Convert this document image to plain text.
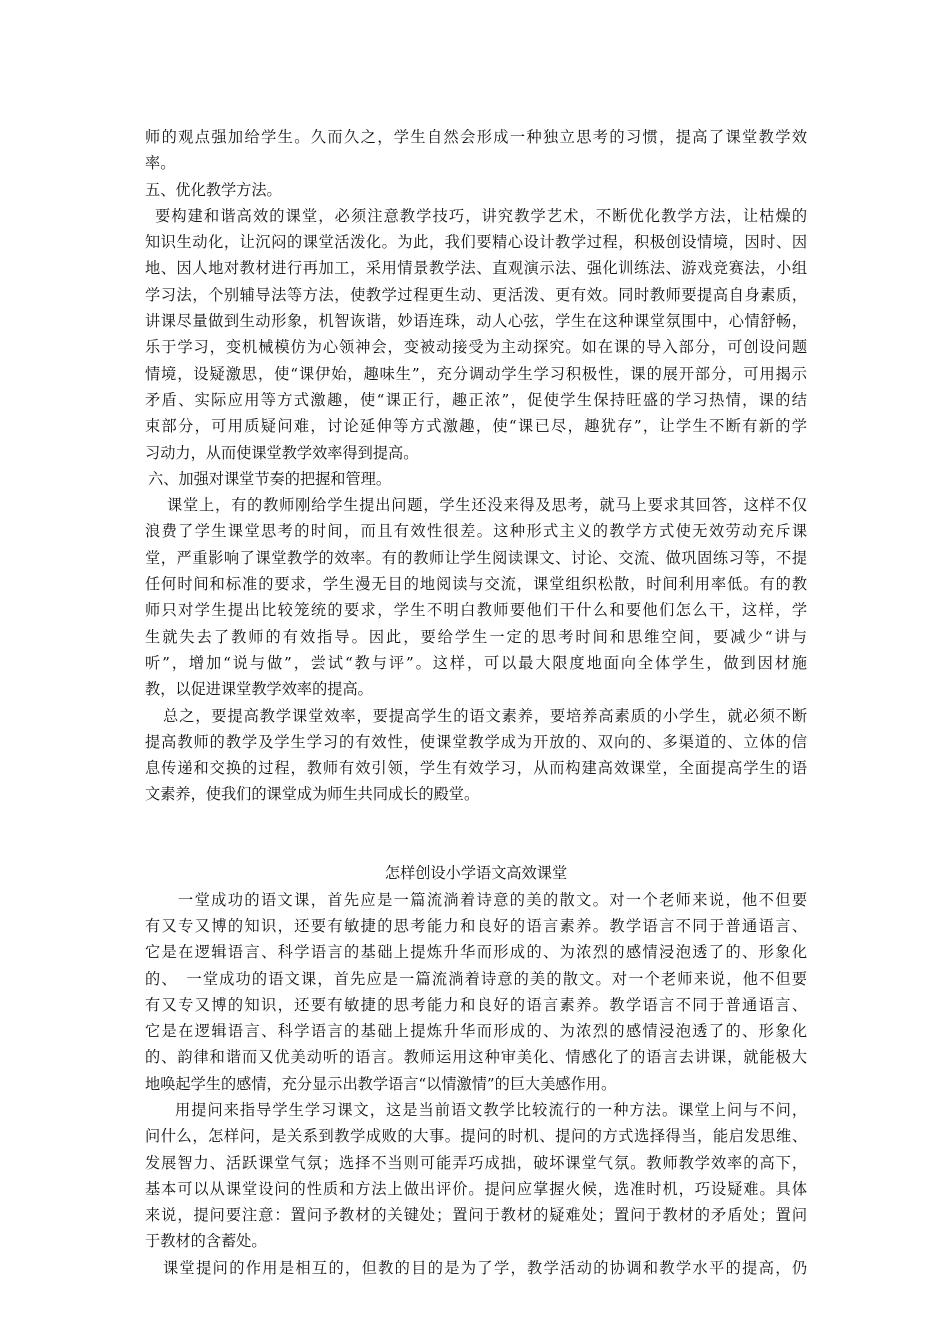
师的观点强加给学生。久而久之，学生自然会形成一种独立思考的习惯，提高了课堂教学效
率。
五、优化教学方法。
要构建和谐高效的课堂，必须注意教学技巧，讲究教学艺术，不断优化教学方法，让枯燥的
知识生动化，让沉闷的课堂活泼化。为此，我们要精心设计教学过程，积极创设情境，因时、因
地、因人地对教材进行再加工，采用情景教学法、直观演示法、强化训练法、游戏竞赛法，小组
学习法，个别辅导法等方法，使教学过程更生动、更活泼、更有效。同时教师要提高自身素质，
讲课尽量做到生动形象，机智诙谐，妙语连珠，动人心弦，学生在这种课堂氛围中，心情舒畅，
乐于学习，变机械模仿为心领神会，变被动接受为主动探究。如在课的导入部分，可创设问题
情境，设疑激思，使“课伊始，趣味生”，充分调动学生学习积极性，课的展开部分，可用揭示
矛盾、实际应用等方式激趣，使“课正行，趣正浓”，促使学生保持旺盛的学习热情，课的结
束部分，可用质疑问难，讨论延伸等方式激趣，使“课已尽，趣犹存”，让学生不断有新的学
习动力，从而使课堂教学效率得到提高。
六、加强对课堂节奏的把握和管理。
课堂上，有的教师刚给学生提出问题，学生还没来得及思考，就马上要求其回答，这样不仅
浪费了学生课堂思考的时间，而且有效性很差。这种形式主义的教学方式使无效劳动充斥课
堂，严重影响了课堂教学的效率。有的教师让学生阅读课文、讨论、交流、做巩固练习等，不提
任何时间和标准的要求，学生漫无目的地阅读与交流，课堂组织松散，时间利用率低。有的教
师只对学生提出比较笼统的要求，学生不明白教师要他们干什么和要他们怎么干，这样，学
生就失去了教师的有效指导。因此，要给学生一定的思考时间和思维空间，要减少“讲与
听”，增加“说与做”，尝试“教与评”。这样，可以最大限度地面向全体学生，做到因材施
教，以促进课堂教学效率的提高。
总之，要提高教学课堂效率，要提高学生的语文素养，要培养高素质的小学生，就必须不断
提高教师的教学及学生学习的有效性，使课堂教学成为开放的、双向的、多渠道的、立体的信
息传递和交换的过程，教师有效引领，学生有效学习，从而构建高效课堂，全面提高学生的语
文素养，使我们的课堂成为师生共同成长的殿堂。
怎样创设小学语文高效课堂
一堂成功的语文课，首先应是一篇流淌着诗意的美的散文。对一个老师来说，他不但要
有又专又博的知识，还要有敏捷的思考能力和良好的语言素养。教学语言不同于普通语言、
它是在逻辑语言、科学语言的基础上提炼升华而形成的、为浓烈的感情浸泡透了的、形象化
的、　一堂成功的语文课，首先应是一篇流淌着诗意的美的散文。对一个老师来说，他不但要
有又专又博的知识，还要有敏捷的思考能力和良好的语言素养。教学语言不同于普通语言、
它是在逻辑语言、科学语言的基础上提炼升华而形成的、为浓烈的感情浸泡透了的、形象化
的、韵律和谐而又优美动听的语言。教师运用这种审美化、情感化了的语言去讲课，就能极大
地唤起学生的感情，充分显示出教学语言“以情激情”的巨大美感作用。
用提问来指导学生学习课文，这是当前语文教学比较流行的一种方法。课堂上问与不问，
问什么，怎样问，是关系到教学成败的大事。提问的时机、提问的方式选择得当，能启发思维、
发展智力、活跃课堂气氛；选择不当则可能弄巧成拙，破坏课堂气氛。教师教学效率的高下，
基本可以从课堂设问的性质和方法上做出评价。提问应掌握火候，选准时机，巧设疑难。具体
来说，提问要注意：置问予教材的关键处；置问于教材的疑难处；置问于教材的矛盾处；置问
于教材的含蓄处。
课堂提问的作用是相互的，但教的目的是为了学，教学活动的协调和教学水平的提高，仍
